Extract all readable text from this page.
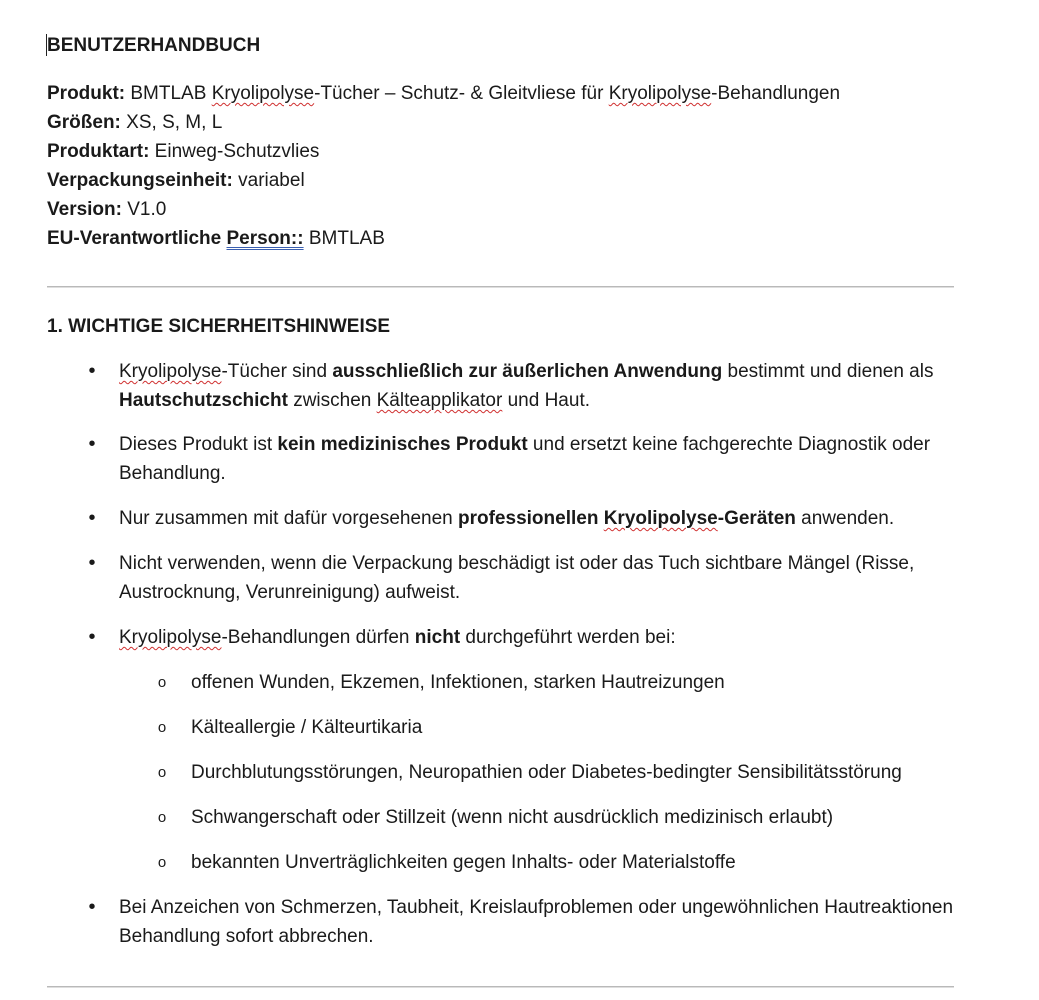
BENUTZERHANDBUCH
Produkt: BMTLAB Kryolipolyse-Tücher – Schutz- & Gleitvliese für Kryolipolyse-Behandlungen
Größen: XS, S, M, L
Produktart: Einweg-Schutzvlies
Verpackungseinheit: variabel
Version: V1.0
EU-Verantwortliche Person:: BMTLAB
1. WICHTIGE SICHERHEITSHINWEISE
• Kryolipolyse-Tücher sind ausschließlich zur äußerlichen Anwendung bestimmt und dienen als Hautschutzschicht zwischen Kälteapplikator und Haut.
• Dieses Produkt ist kein medizinisches Produkt und ersetzt keine fachgerechte Diagnostik oder Behandlung.
• Nur zusammen mit dafür vorgesehenen professionellen Kryolipolyse-Geräten anwenden.
• Nicht verwenden, wenn die Verpackung beschädigt ist oder das Tuch sichtbare Mängel (Risse, Austrocknung, Verunreinigung) aufweist.
• Kryolipolyse-Behandlungen dürfen nicht durchgeführt werden bei:
o offenen Wunden, Ekzemen, Infektionen, starken Hautreizungen
o Kälteallergie / Kälteurtikaria
o Durchblutungsstörungen, Neuropathien oder Diabetes-bedingter Sensibilitätsstörung
o Schwangerschaft oder Stillzeit (wenn nicht ausdrücklich medizinisch erlaubt)
o bekannten Unverträglichkeiten gegen Inhalts- oder Materialstoffe
• Bei Anzeichen von Schmerzen, Taubheit, Kreislaufproblemen oder ungewöhnlichen Hautreaktionen Behandlung sofort abbrechen.
